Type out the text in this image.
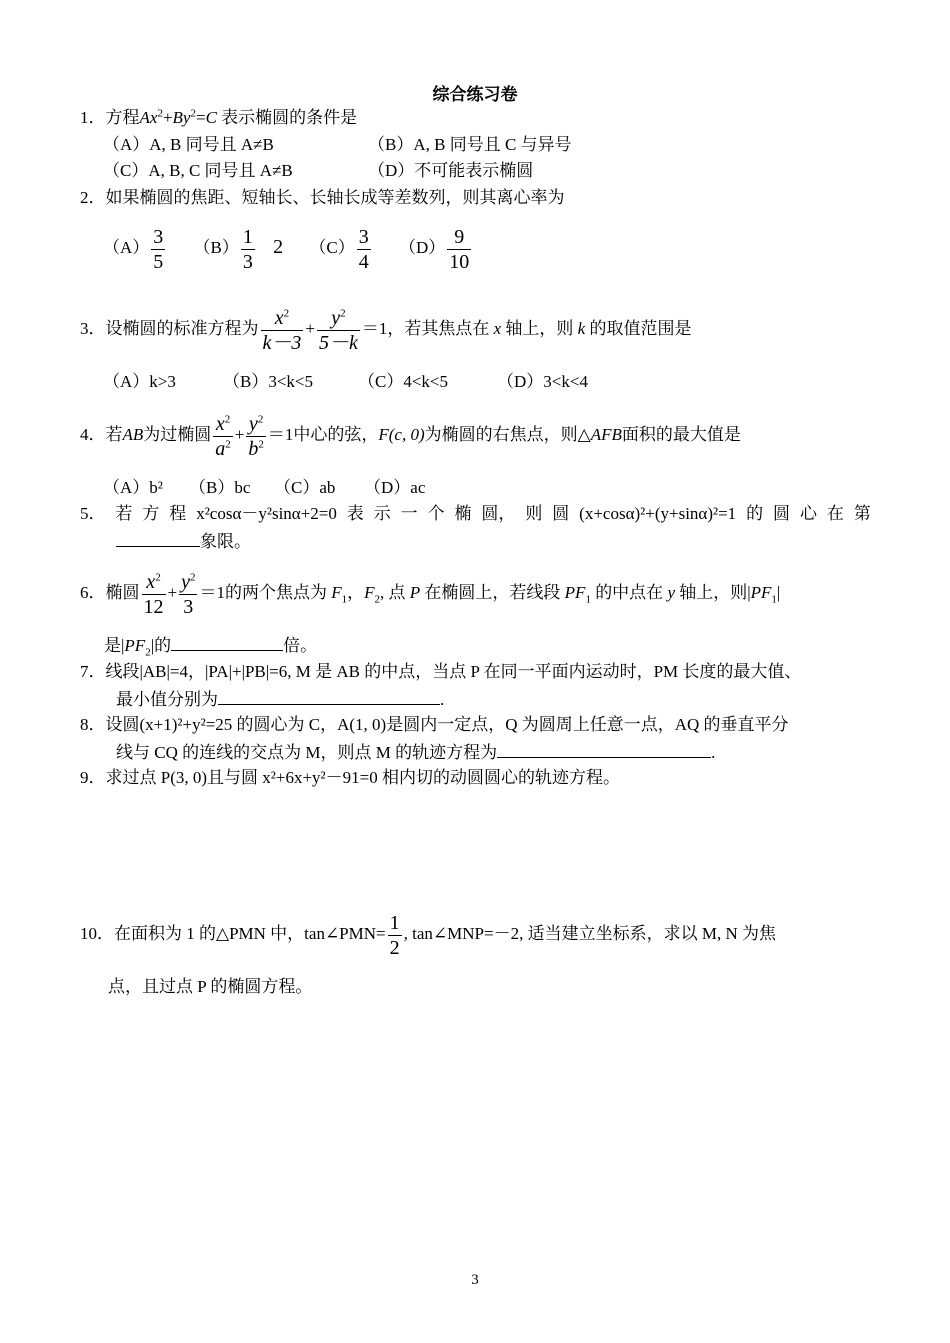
综合练习卷
1．方程$Ax^2+By^2=C$ 表示椭圆的条件是
（A）A, B 同号且 A≠B	（B）A, B 同号且 C 与异号
（C）A, B, C 同号且 A≠B	（D）不可能表示椭圆
2．如果椭圆的焦距、短轴长、长轴长成等差数列，则其离心率为
$(A) \frac{3}{5} (B) \frac{1}{3} 2$ $(C) \frac{3}{4} (D) \frac{9}{10}$
3．设椭圆的标准方程为 $\frac{x^2}{k-3} + \frac{y^2}{5-k} =1$，若其焦点在 x 轴上，则 k 的取值范围是
（A）k>3	（B）3<k<5	（C）4<k<5	（D）3<k<4
4．若AB为过椭圆 $\frac{x^2}{a^2} + \frac{y^2}{b^2} =1$中心的弦，F(c, 0)为椭圆的右焦点，则△AFB面积的最大值是
（A）b² （B）bc （C）ab （D）ac
5． 若 方 程 x²cosα－y²sinα+2=0 表 示 一 个 椭 圆， 则 圆 (x+cosα)²+(y+sinα)²=1 的 圆 心 在 第
象限。
6．椭圆 $\frac{x^2}{12} + \frac{y^2}{3} =1$的两个焦点为 $F_1$，$F_2$, 点 P 在椭圆上，若线段 $PF_1$ 的中点在 y 轴上，则$|PF_1|$
是$|PF_2|$的	倍。
7．线段|AB|=4，|PA|+|PB|=6, M 是 AB 的中点，当点 P 在同一平面内运动时，PM 长度的最大值、
最小值分别为	.
8．设圆(x+1)²+y²=25 的圆心为 C，A(1, 0)是圆内一定点，Q 为圆周上任意一点，AQ 的垂直平分
线与 CQ 的连线的交点为 M，则点 M 的轨迹方程为	.
9．求过点 P(3, 0)且与圆 x²+6x+y²－91=0 相内切的动圆圆心的轨迹方程。
10．在面积为 1 的△PMN 中，tan∠PMN= $\frac{1}{2}$ , tan∠MNP=－2, 适当建立坐标系，求以 M, N 为焦
点，且过点 P 的椭圆方程。
3
